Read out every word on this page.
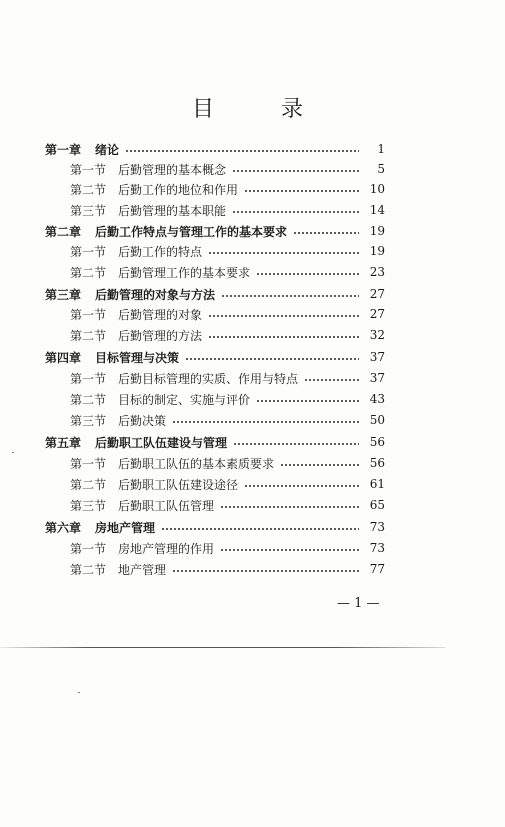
目 录
第一章	绪论	1
第一节 后勤管理的基本概念	5
第二节 后勤工作的地位和作用	10
第三节 后勤管理的基本职能	14
第二章	后勤工作特点与管理工作的基本要求	19
第一节 后勤工作的特点	19
第二节 后勤管理工作的基本要求	23
第三章	后勤管理的对象与方法	27
第一节 后勤管理的对象	27
第二节 后勤管理的方法	32
第四章	目标管理与决策	37
第一节 后勤目标管理的实质、作用与特点	37
第二节 目标的制定、实施与评价	43
第三节 后勤决策	50
第五章	后勤职工队伍建设与管理	56
第一节 后勤职工队伍的基本素质要求	56
第二节 后勤职工队伍建设途径	61
第三节 后勤职工队伍管理	65
第六章	房地产管理	73
第一节 房地产管理的作用	73
第二节 地产管理	77
— 1 —
